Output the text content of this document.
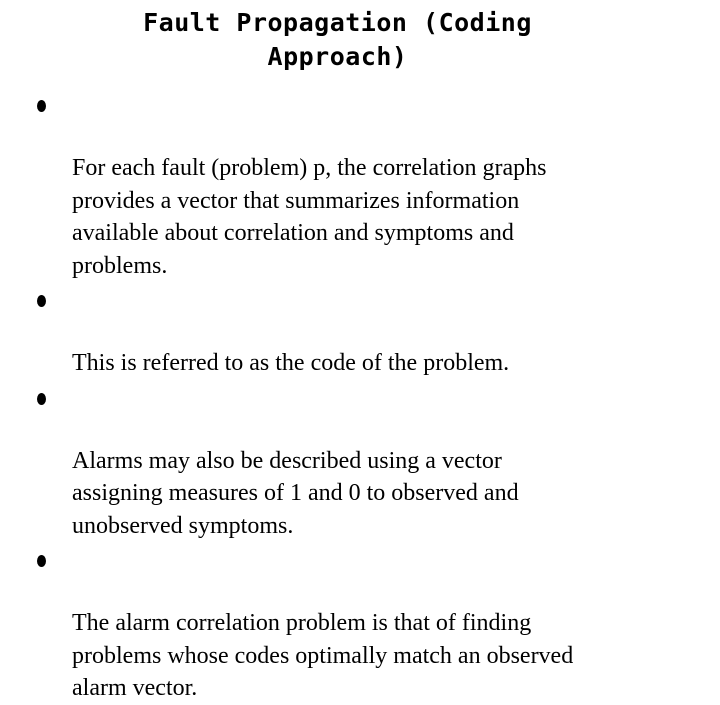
Fault Propagation (Coding
Approach)

For each fault (problem) p, the correlation graphs
provides a vector that summarizes information
available about correlation and symptoms and
problems.

This is referred to as the code of the problem.

Alarms may also be described using a vector
assigning measures of 1 and 0 to observed and
unobserved symptoms.

The alarm correlation problem is that of finding
problems whose codes optimally match an observed
alarm vector.
